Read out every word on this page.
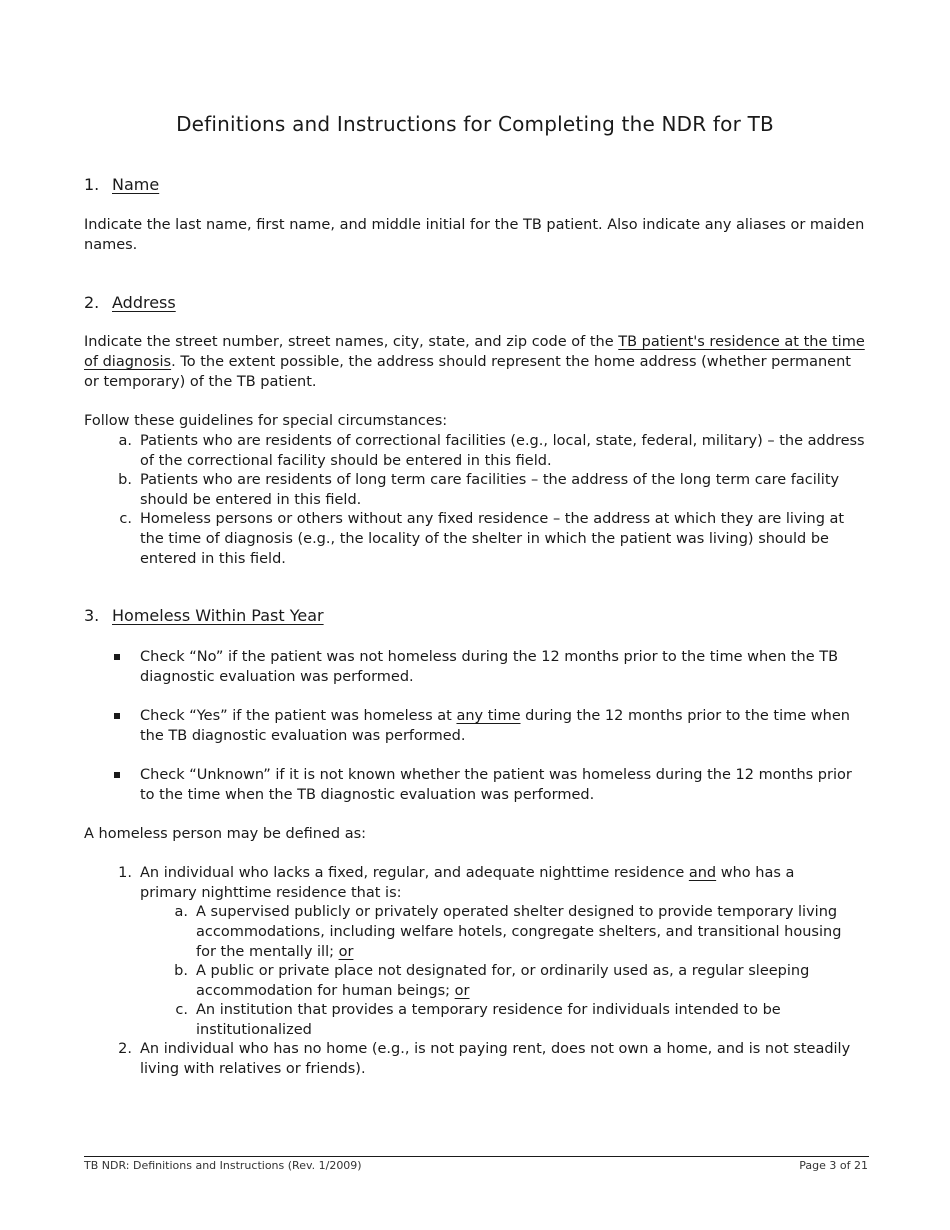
Definitions and Instructions for Completing the NDR for TB
1. Name
Indicate the last name, first name, and middle initial for the TB patient. Also indicate any aliases or maiden names.
2. Address
Indicate the street number, street names, city, state, and zip code of the TB patient's residence at the time of diagnosis. To the extent possible, the address should represent the home address (whether permanent or temporary) of the TB patient.
Follow these guidelines for special circumstances:
a. Patients who are residents of correctional facilities (e.g., local, state, federal, military) – the address of the correctional facility should be entered in this field.
b. Patients who are residents of long term care facilities – the address of the long term care facility should be entered in this field.
c. Homeless persons or others without any fixed residence – the address at which they are living at the time of diagnosis (e.g., the locality of the shelter in which the patient was living) should be entered in this field.
3. Homeless Within Past Year
Check “No” if the patient was not homeless during the 12 months prior to the time when the TB diagnostic evaluation was performed.
Check “Yes” if the patient was homeless at any time during the 12 months prior to the time when the TB diagnostic evaluation was performed.
Check “Unknown” if it is not known whether the patient was homeless during the 12 months prior to the time when the TB diagnostic evaluation was performed.
A homeless person may be defined as:
1. An individual who lacks a fixed, regular, and adequate nighttime residence and who has a primary nighttime residence that is:
a. A supervised publicly or privately operated shelter designed to provide temporary living accommodations, including welfare hotels, congregate shelters, and transitional housing for the mentally ill; or
b. A public or private place not designated for, or ordinarily used as, a regular sleeping accommodation for human beings; or
c. An institution that provides a temporary residence for individuals intended to be institutionalized
2. An individual who has no home (e.g., is not paying rent, does not own a home, and is not steadily living with relatives or friends).
TB NDR: Definitions and Instructions (Rev. 1/2009)	Page 3 of 21
